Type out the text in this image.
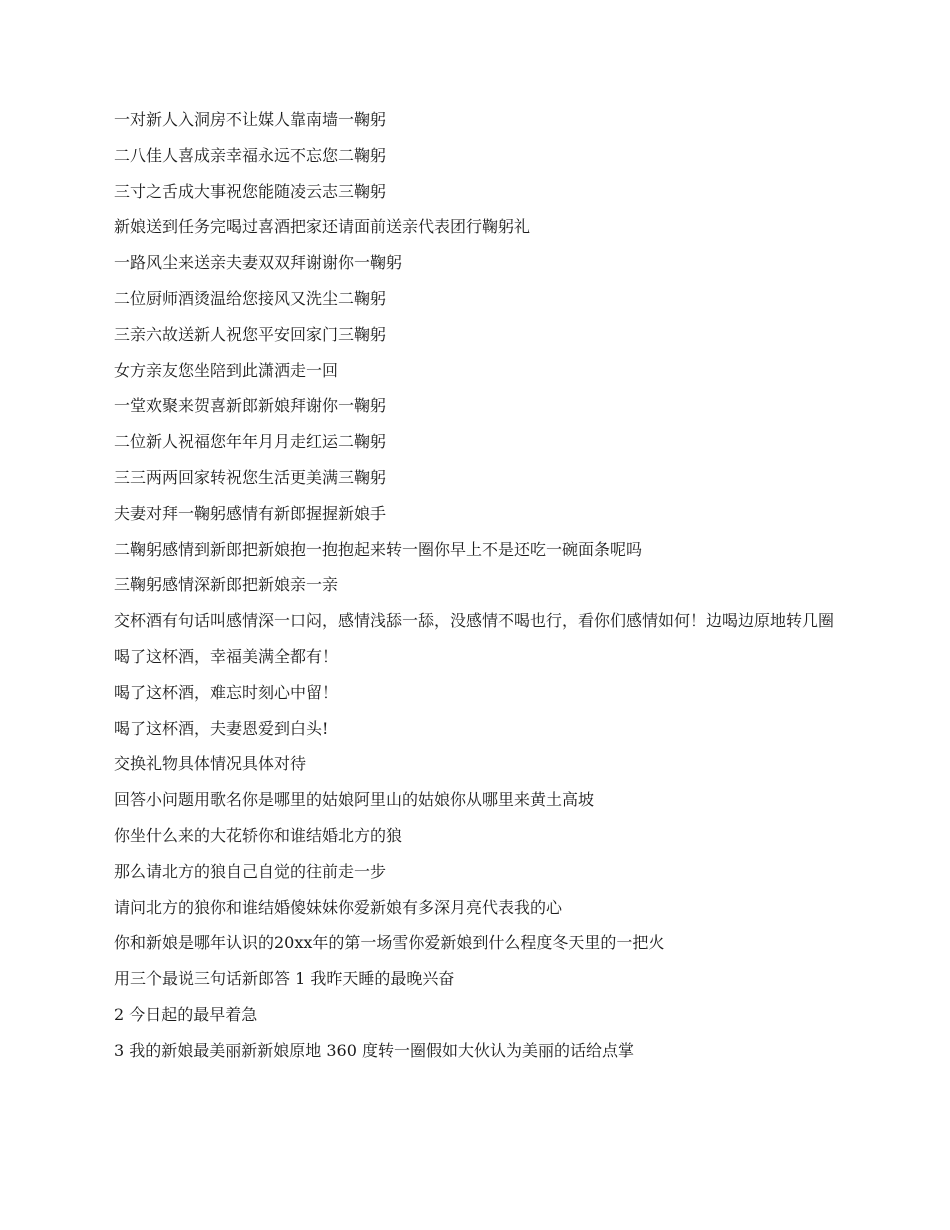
一对新人入洞房不让媒人靠南墙一鞠躬

二八佳人喜成亲幸福永远不忘您二鞠躬

三寸之舌成大事祝您能随凌云志三鞠躬

新娘送到任务完喝过喜酒把家还请面前送亲代表团行鞠躬礼

一路风尘来送亲夫妻双双拜谢谢你一鞠躬

二位厨师酒烫温给您接风又洗尘二鞠躬

三亲六故送新人祝您平安回家门三鞠躬

女方亲友您坐陪到此潇洒走一回

一堂欢聚来贺喜新郎新娘拜谢你一鞠躬

二位新人祝福您年年月月走红运二鞠躬

三三两两回家转祝您生活更美满三鞠躬

夫妻对拜一鞠躬感情有新郎握握新娘手

二鞠躬感情到新郎把新娘抱一抱抱起来转一圈你早上不是还吃一碗面条呢吗

三鞠躬感情深新郎把新娘亲一亲

交杯酒有句话叫感情深一口闷，感情浅舔一舔，没感情不喝也行，看你们感情如何！边喝边原地转几圈

喝了这杯酒，幸福美满全都有！

喝了这杯酒，难忘时刻心中留！

喝了这杯酒，夫妻恩爱到白头!

交换礼物具体情况具体对待

回答小问题用歌名你是哪里的姑娘阿里山的姑娘你从哪里来黄土高坡

你坐什么来的大花轿你和谁结婚北方的狼

那么请北方的狼自己自觉的往前走一步

请问北方的狼你和谁结婚傻妹妹你爱新娘有多深月亮代表我的心

你和新娘是哪年认识的20xx年的第一场雪你爱新娘到什么程度冬天里的一把火

用三个最说三句话新郎答 1 我昨天睡的最晚兴奋

2 今日起的最早着急

3 我的新娘最美丽新新娘原地 360 度转一圈假如大伙认为美丽的话给点掌
